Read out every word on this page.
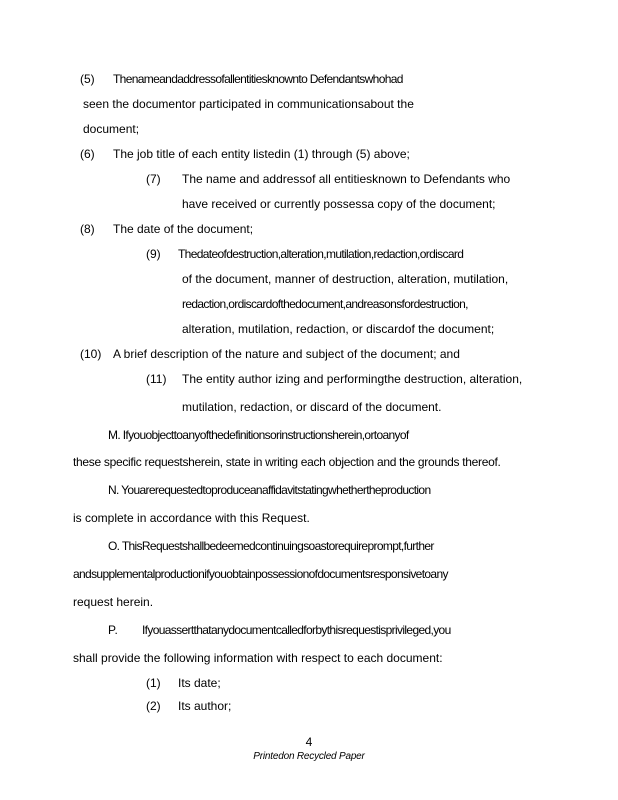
(5) Thenameandaddressofallentitiesknownto Defendantswhohad
seen the documentor participated in communicationsabout the
document;
(6) The job title of each entity listedin (1) through (5) above;
(7) The name and addressof all entitiesknown to Defendants who
have received or currently possessa copy of the document;
(8) The date of the document;
(9) Thedateofdestruction,alteration,mutilation,redaction,ordiscard
of the document, manner of destruction, alteration, mutilation,
redaction,ordiscardofthedocument,andreasonsfordestruction,
alteration, mutilation, redaction, or discardof the document;
(10) A brief description of the nature and subject of the document; and
(11) The entity author izing and performingthe destruction, alteration,
mutilation, redaction, or discard of the document.
M. Ifyouobjecttoanyofthedefinitionsorinstructionsherein,ortoanyof
these specific requestsherein, state in writing each objection and the grounds thereof.
N. Youarerequestedtoproduceanaffidavitstatingwhethertheproduction
is complete in accordance with this Request.
O. ThisRequestshallbedeemedcontinuingsoastorequireprompt,further
andsupplementalproductionifyouobtainpossessionofdocumentsresponsivetoany
request herein.
P. Ifyouassertthatanydocumentcalledforbythisrequestisprivileged,you
shall provide the following information with respect to each document:
(1) Its date;
(2) Its author;
4
Printedon Recycled Paper
